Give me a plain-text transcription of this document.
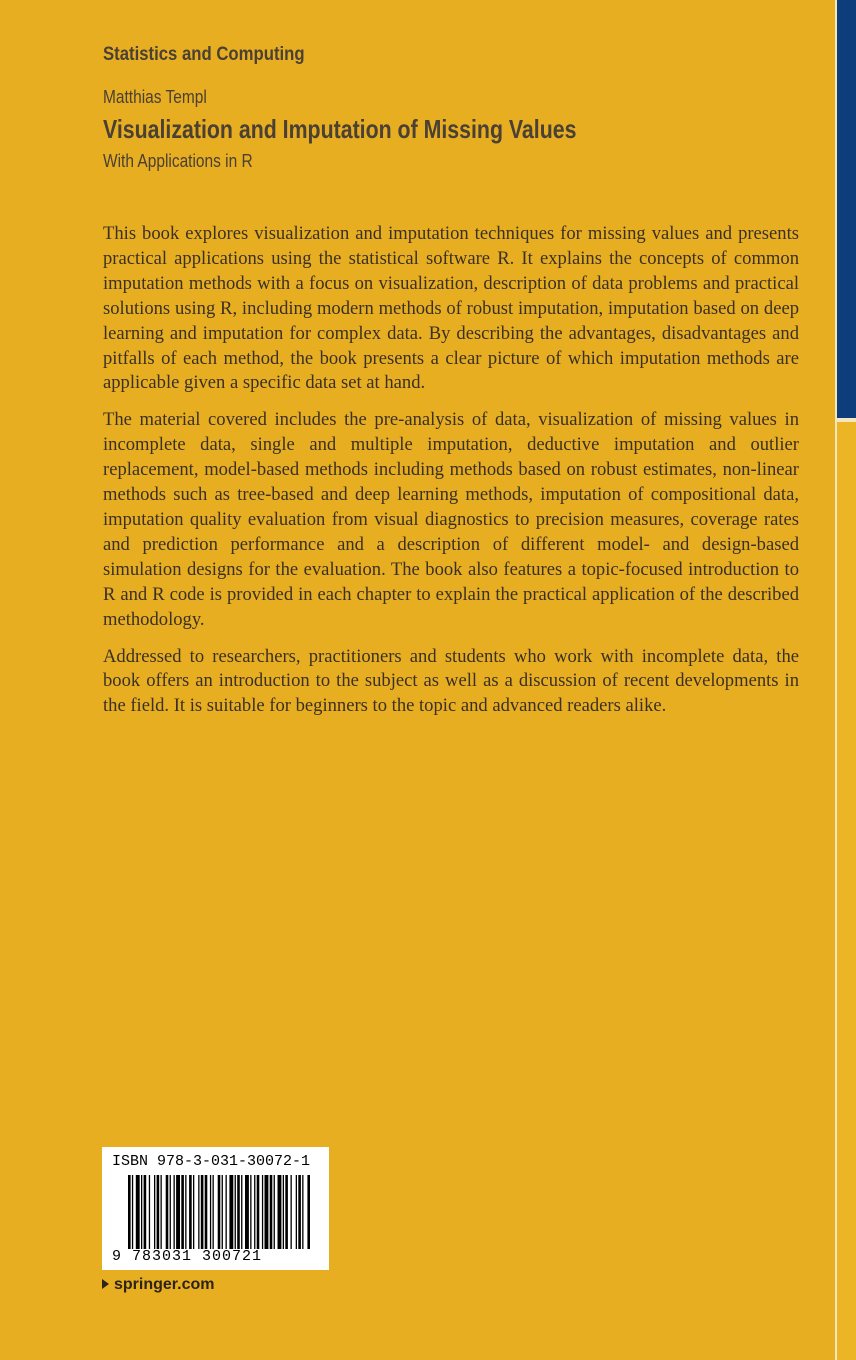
Statistics and Computing
Matthias Templ
Visualization and Imputation of Missing Values
With Applications in R

This book explores visualization and imputation techniques for missing values and presents practical applications using the statistical software R. It explains the concepts of common imputation methods with a focus on visualization, description of data problems and practical solutions using R, including modern methods of robust imputation, imputation based on deep learning and imputation for complex data. By describing the advantages, disadvantages and pitfalls of each method, the book presents a clear picture of which imputation methods are applicable given a specific data set at hand.

The material covered includes the pre-analysis of data, visualization of missing values in incomplete data, single and multiple imputation, deductive imputation and outlier replacement, model-based methods including methods based on robust estimates, non-linear methods such as tree-based and deep learning methods, imputation of compositional data, imputation quality evaluation from visual diagnostics to precision measures, coverage rates and prediction performance and a description of different model- and design-based simulation designs for the evaluation. The book also features a topic-focused introduction to R and R code is provided in each chapter to explain the practical application of the described methodology.

Addressed to researchers, practitioners and students who work with incomplete data, the book offers an introduction to the subject as well as a discussion of recent developments in the field. It is suitable for beginners to the topic and advanced readers alike.

ISBN 978-3-031-30072-1
9 783031 300721
springer.com
